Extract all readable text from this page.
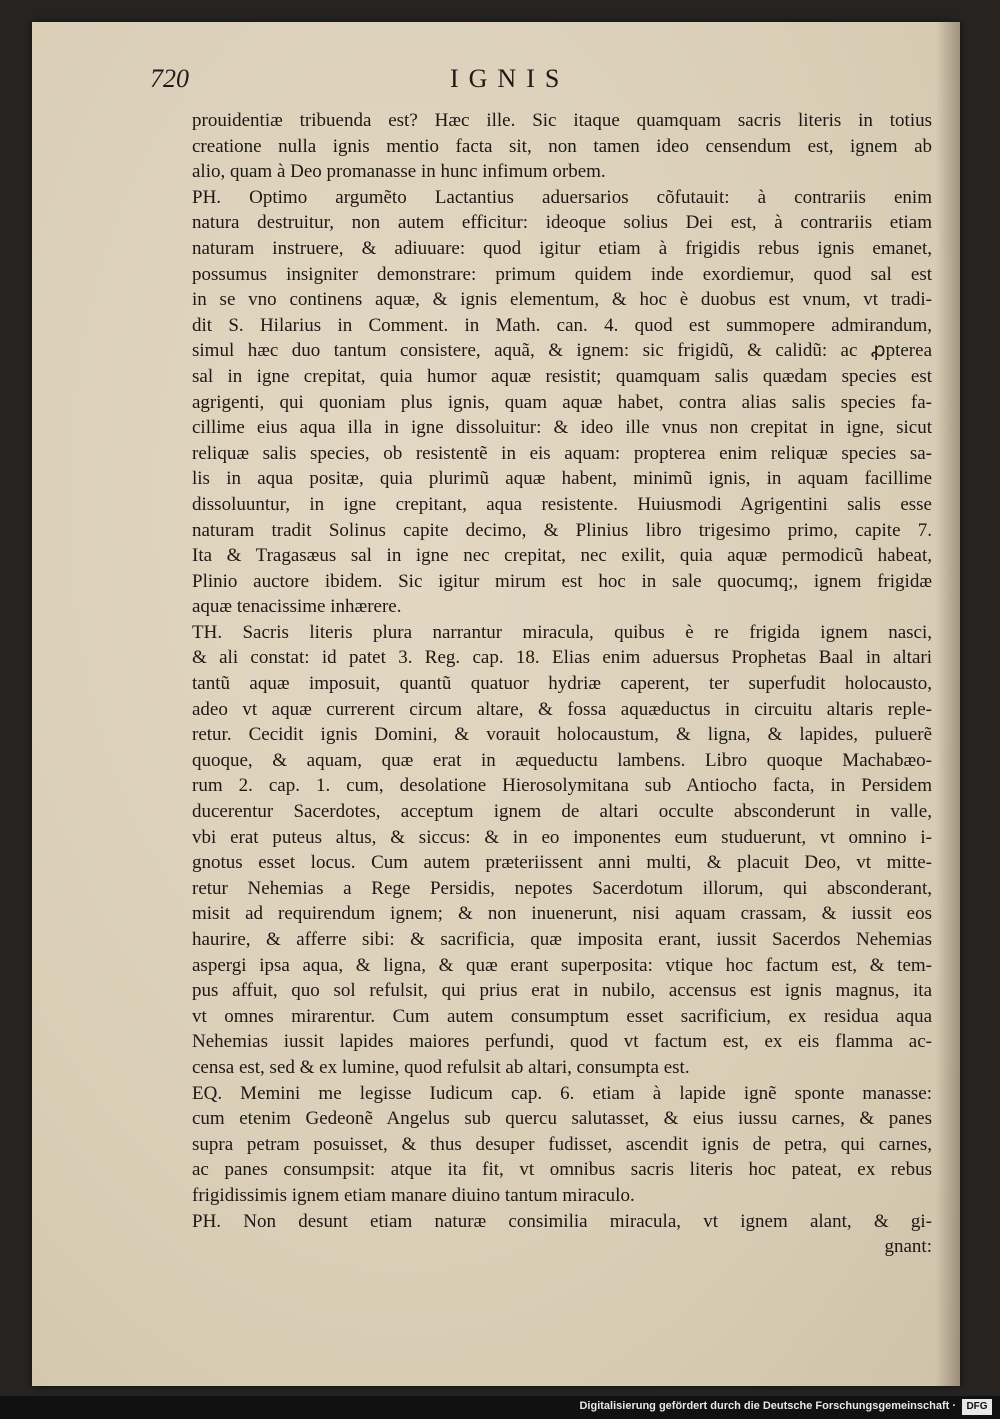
720	IGNIS
prouidentiæ tribuenda est? Hæc ille. Sic itaque quamquam sacris literis in totius
creatione nulla ignis mentio facta sit, non tamen ideo censendum est, ignem ab
alio, quam à Deo promanasse in hunc infimum orbem.
PH. Optimo argumẽto Lactantius aduersarios cõfutauit: à contrariis enim
natura destruitur, non autem efficitur: ideoque solius Dei est, à contrariis etiam
naturam instruere, & adiuuare: quod igitur etiam à frigidis rebus ignis emanet,
possumus insigniter demonstrare: primum quidem inde exordiemur, quod sal est
in se vno continens aquæ, & ignis elementum, & hoc è duobus est vnum, vt tradi-
dit S. Hilarius in Comment. in Math. can. 4. quod est summopere admirandum,
simul hæc duo tantum consistere, aquã, & ignem: sic frigidũ, & calidũ: ac ꝓpterea
sal in igne crepitat, quia humor aquæ resistit; quamquam salis quædam species est
agrigenti, qui quoniam plus ignis, quam aquæ habet, contra alias salis species fa-
cillime eius aqua illa in igne dissoluitur: & ideo ille vnus non crepitat in igne, sicut
reliquæ salis species, ob resistentẽ in eis aquam: propterea enim reliquæ species sa-
lis in aqua positæ, quia plurimũ aquæ habent, minimũ ignis, in aquam facillime
dissoluuntur, in igne crepitant, aqua resistente. Huiusmodi Agrigentini salis esse
naturam tradit Solinus capite decimo, & Plinius libro trigesimo primo, capite 7.
Ita & Tragasæus sal in igne nec crepitat, nec exilit, quia aquæ permodicũ habeat,
Plinio auctore ibidem. Sic igitur mirum est hoc in sale quocumq;, ignem frigidæ
aquæ tenacissime inhærere.
TH. Sacris literis plura narrantur miracula, quibus è re frigida ignem nasci,
& ali constat: id patet 3. Reg. cap. 18. Elias enim aduersus Prophetas Baal in altari
tantũ aquæ imposuit, quantũ quatuor hydriæ caperent, ter superfudit holocausto,
adeo vt aquæ currerent circum altare, & fossa aquæductus in circuitu altaris reple-
retur. Cecidit ignis Domini, & vorauit holocaustum, & ligna, & lapides, puluerẽ
quoque, & aquam, quæ erat in æqueductu lambens. Libro quoque Machabæo-
rum 2. cap. 1. cum, desolatione Hierosolymitana sub Antiocho facta, in Persidem
ducerentur Sacerdotes, acceptum ignem de altari occulte absconderunt in valle,
vbi erat puteus altus, & siccus: & in eo imponentes eum studuerunt, vt omnino i-
gnotus esset locus. Cum autem præteriissent anni multi, & placuit Deo, vt mitte-
retur Nehemias a Rege Persidis, nepotes Sacerdotum illorum, qui absconderant,
misit ad requirendum ignem; & non inuenerunt, nisi aquam crassam, & iussit eos
haurire, & afferre sibi: & sacrificia, quæ imposita erant, iussit Sacerdos Nehemias
aspergi ipsa aqua, & ligna, & quæ erant superposita: vtique hoc factum est, & tem-
pus affuit, quo sol refulsit, qui prius erat in nubilo, accensus est ignis magnus, ita
vt omnes mirarentur. Cum autem consumptum esset sacrificium, ex residua aqua
Nehemias iussit lapides maiores perfundi, quod vt factum est, ex eis flamma ac-
censa est, sed & ex lumine, quod refulsit ab altari, consumpta est.
EQ. Memini me legisse Iudicum cap. 6. etiam à lapide ignẽ sponte manasse:
cum etenim Gedeonẽ Angelus sub quercu salutasset, & eius iussu carnes, & panes
supra petram posuisset, & thus desuper fudisset, ascendit ignis de petra, qui carnes,
ac panes consumpsit: atque ita fit, vt omnibus sacris literis hoc pateat, ex rebus
frigidissimis ignem etiam manare diuino tantum miraculo.
PH. Non desunt etiam naturæ consimilia miracula, vt ignem alant, & gi-
gnant:
Digitalisierung gefördert durch die Deutsche Forschungsgemeinschaft ·	DFG
